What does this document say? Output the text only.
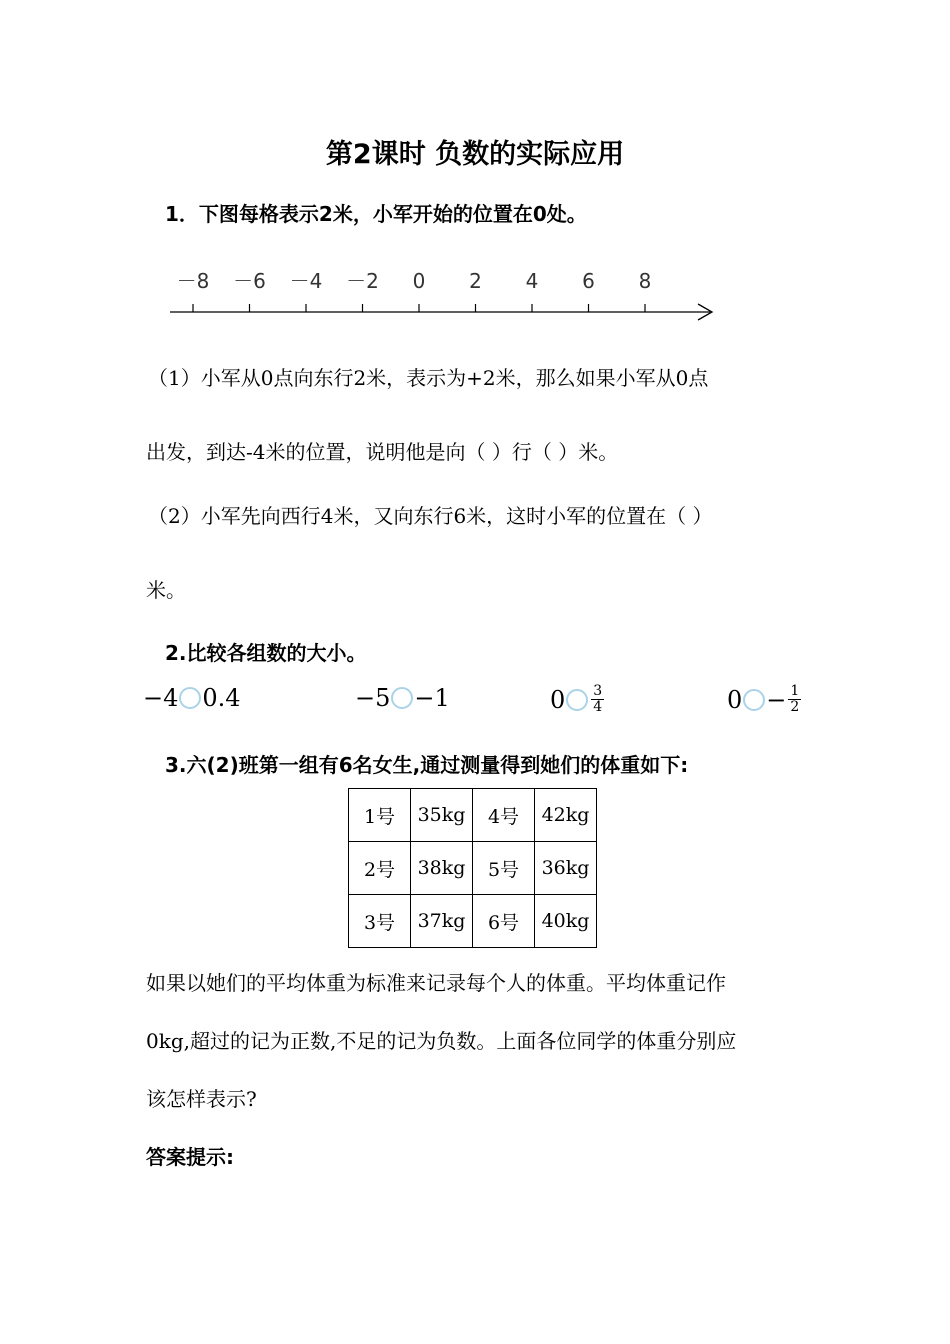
第2课时 负数的实际应用
1．下图每格表示2米，小军开始的位置在0处。
－8 －6 －4 －2 0 2 4 6 8
（1）小军从0点向东行2米，表示为+2米，那么如果小军从0点
出发，到达-4米的位置，说明他是向（ ）行（ ）米。
（2）小军先向西行4米，又向东行6米，这时小军的位置在（ ）
米。
2.比较各组数的大小。
−4 0.4	−5 −1	$0 \frac{3}{4}$	$0 - \frac{1}{2}$
3.六(2)班第一组有6名女生,通过测量得到她们的体重如下:
1号	35kg	4号	42kg
2号	38kg	5号	36kg
3号	37kg	6号	40kg
如果以她们的平均体重为标准来记录每个人的体重。平均体重记作
0kg,超过的记为正数,不足的记为负数。上面各位同学的体重分别应
该怎样表示?
答案提示:
